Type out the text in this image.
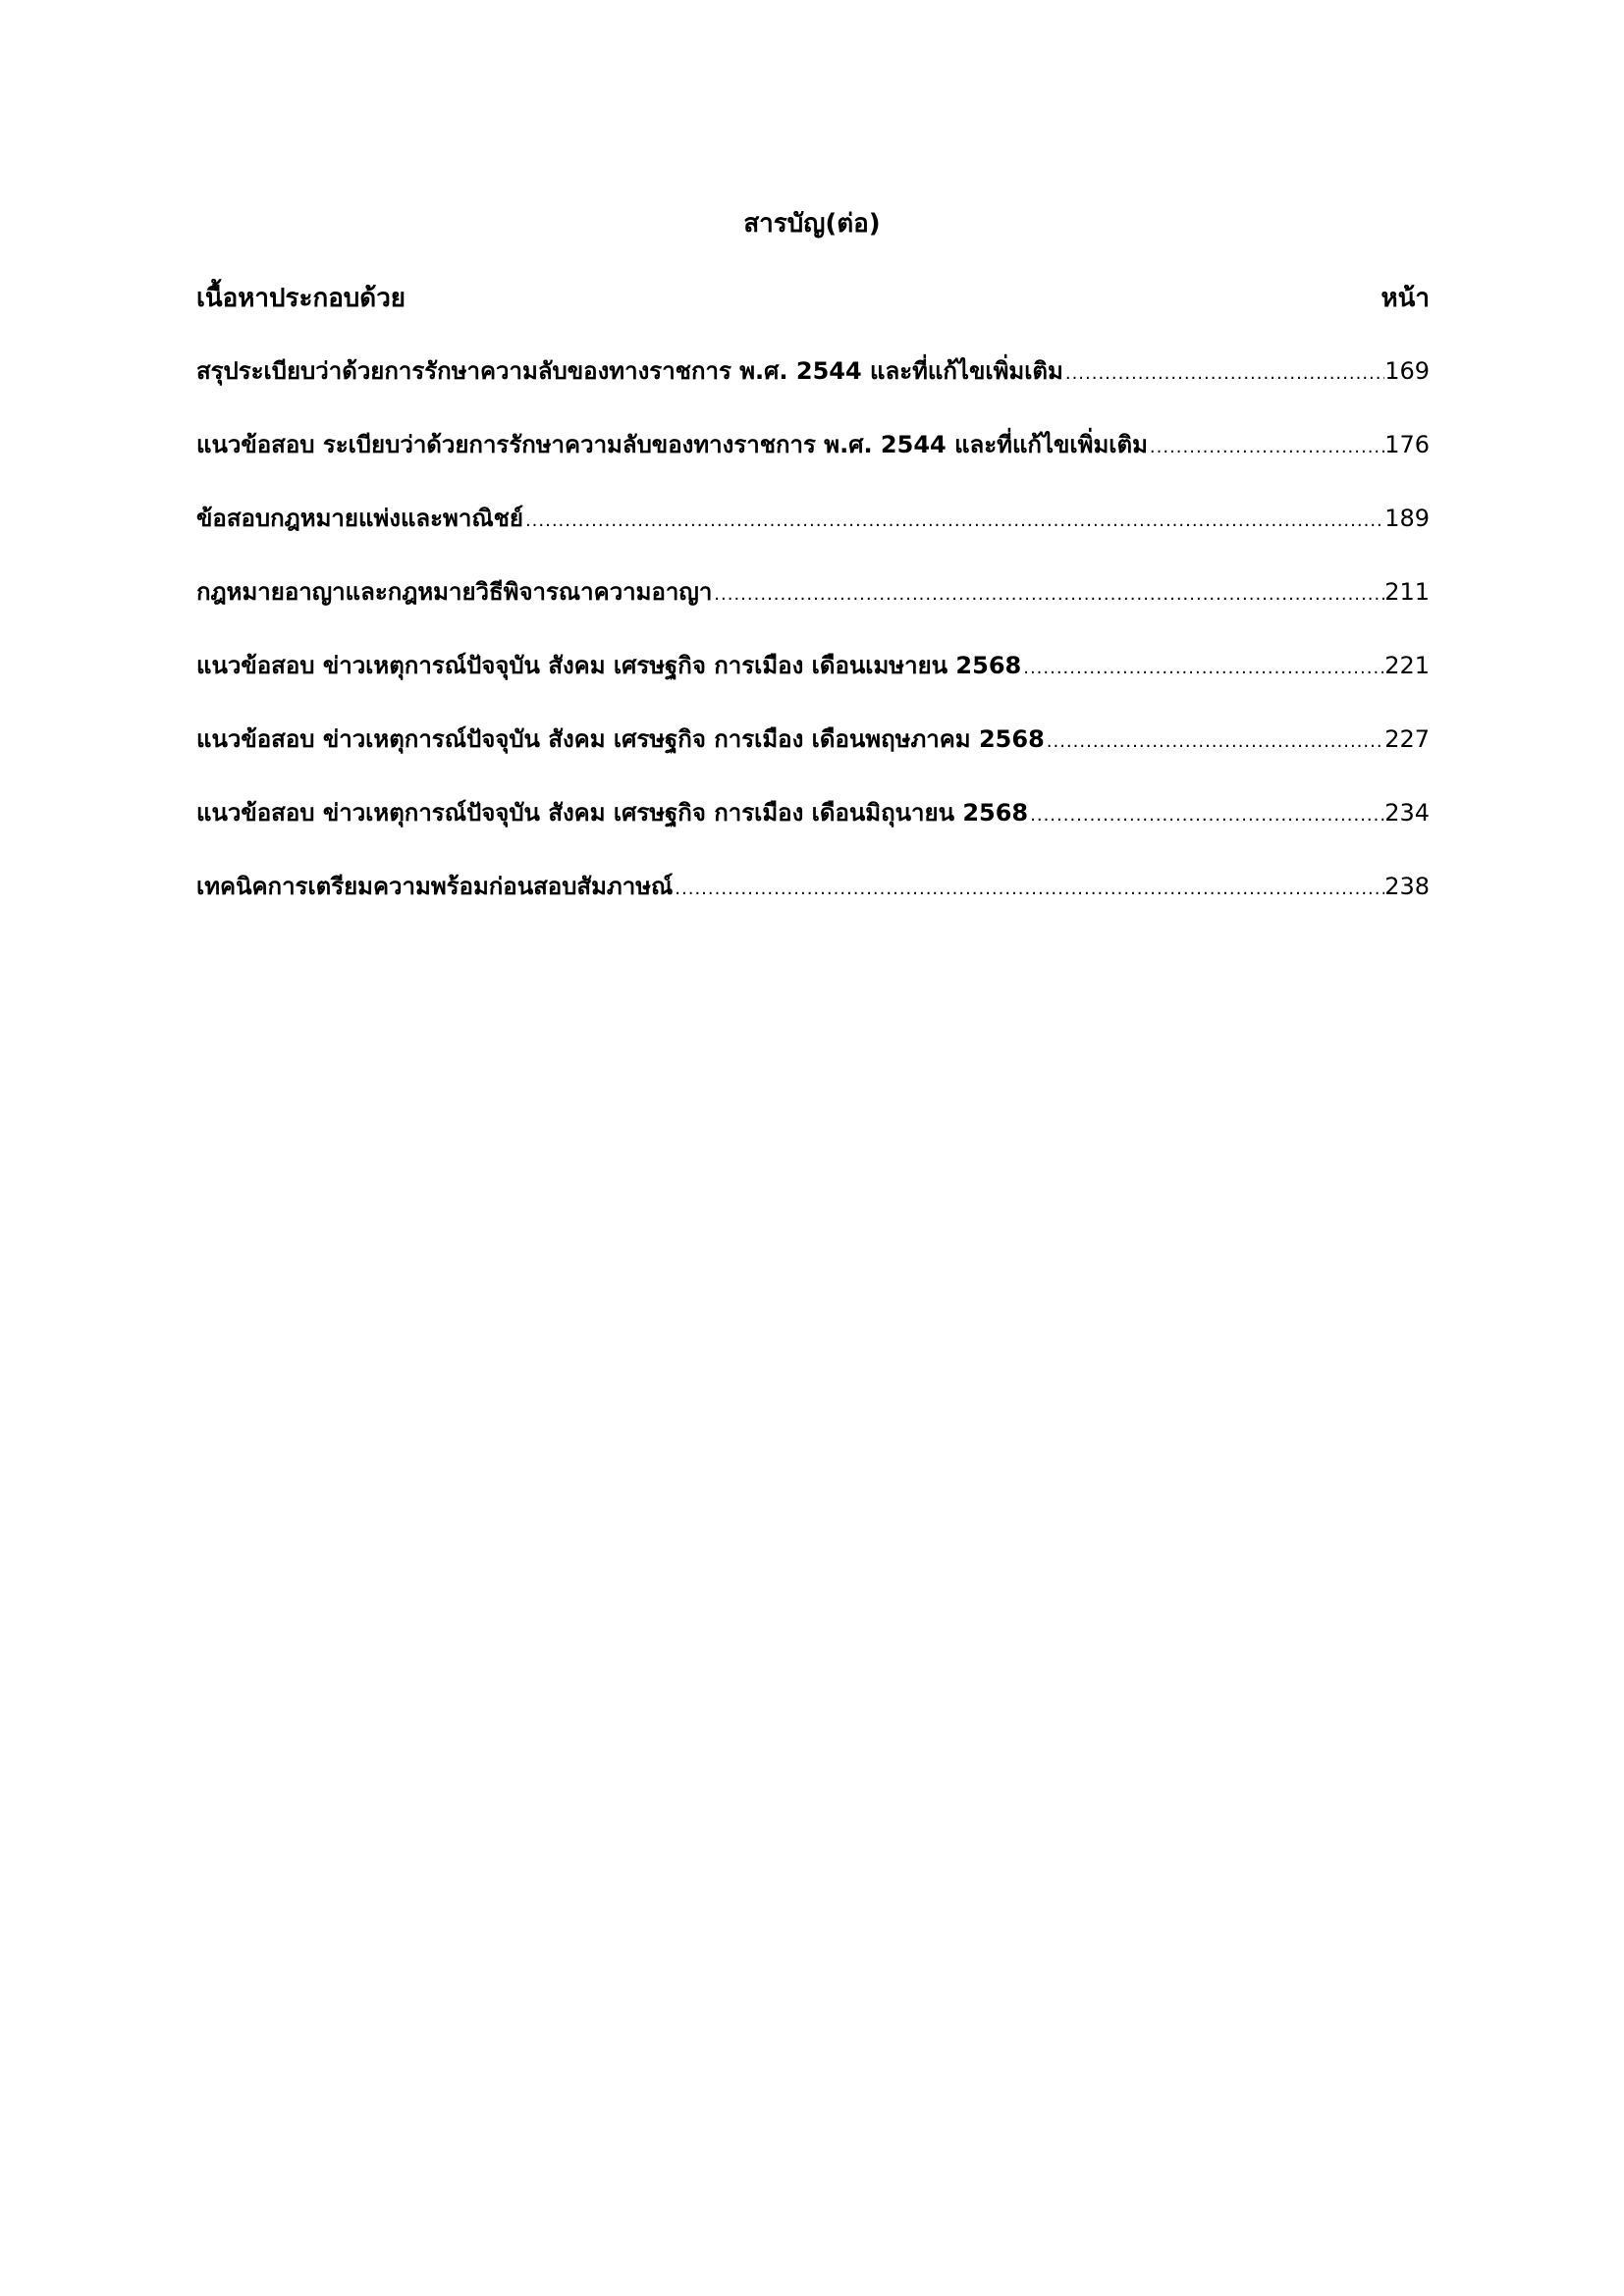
สารบัญ(ต่อ)
เนื้อหาประกอบด้วย	หน้า
สรุประเบียบว่าด้วยการรักษาความลับของทางราชการ พ.ศ. 2544 และที่แก้ไขเพิ่มเติม .....	169
แนวข้อสอบ ระเบียบว่าด้วยการรักษาความลับของทางราชการ พ.ศ. 2544 และที่แก้ไขเพิ่มเติม .....	176
ข้อสอบกฎหมายแพ่งและพาณิชย์ .....	189
กฎหมายอาญาและกฎหมายวิธีพิจารณาความอาญา .....	211
แนวข้อสอบ ข่าวเหตุการณ์ปัจจุบัน สังคม เศรษฐกิจ การเมือง เดือนเมษายน 2568 .....	221
แนวข้อสอบ ข่าวเหตุการณ์ปัจจุบัน สังคม เศรษฐกิจ การเมือง เดือนพฤษภาคม 2568 .....	227
แนวข้อสอบ ข่าวเหตุการณ์ปัจจุบัน สังคม เศรษฐกิจ การเมือง เดือนมิถุนายน 2568 .....	234
เทคนิคการเตรียมความพร้อมก่อนสอบสัมภาษณ์ .....	238
